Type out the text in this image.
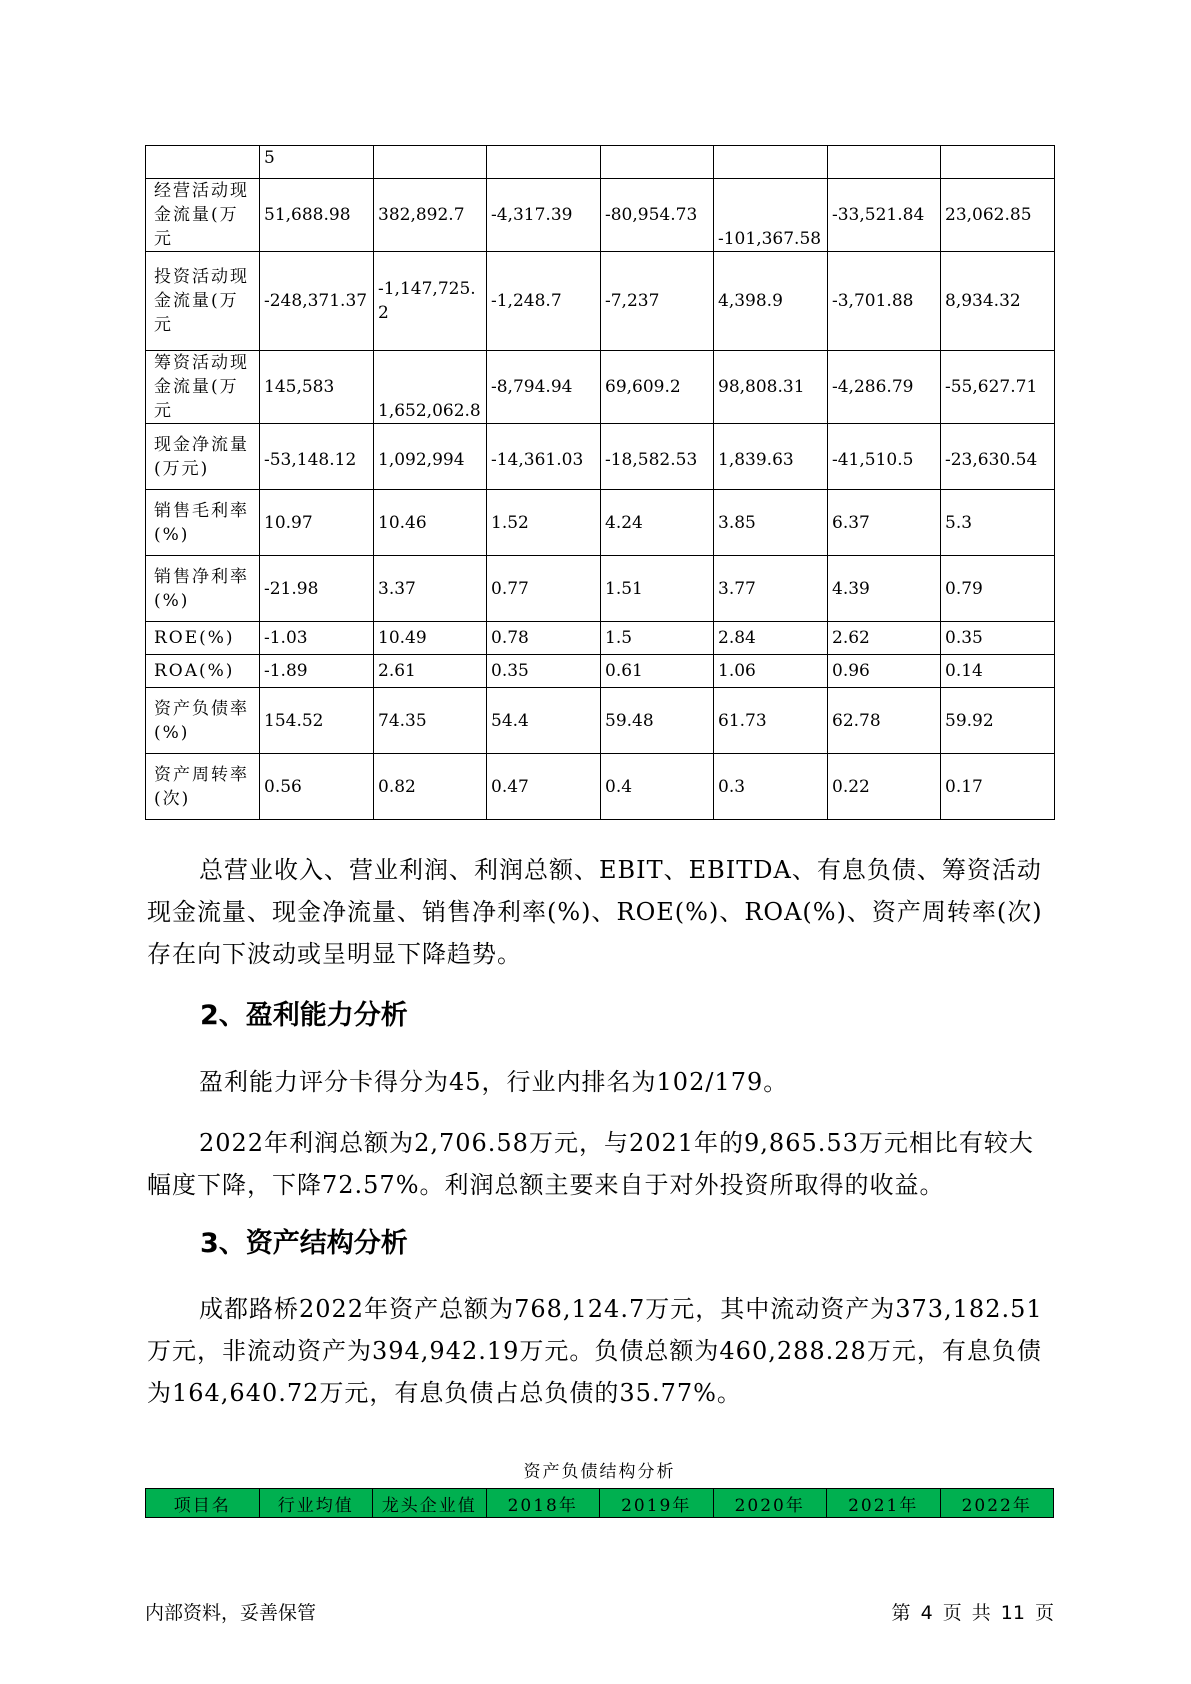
	5						
经营活动现金流量(万元	51,688.98	382,892.7	-4,317.39	-80,954.73	-101,367.58	-33,521.84	23,062.85
投资活动现金流量(万元	-248,371.37	-1,147,725.2	-1,248.7	-7,237	4,398.9	-3,701.88	8,934.32
筹资活动现金流量(万元	145,583	1,652,062.8	-8,794.94	69,609.2	98,808.31	-4,286.79	-55,627.71
现金净流量(万元)	-53,148.12	1,092,994	-14,361.03	-18,582.53	1,839.63	-41,510.5	-23,630.54
销售毛利率(%)	10.97	10.46	1.52	4.24	3.85	6.37	5.3
销售净利率(%)	-21.98	3.37	0.77	1.51	3.77	4.39	0.79
ROE(%)	-1.03	10.49	0.78	1.5	2.84	2.62	0.35
ROA(%)	-1.89	2.61	0.35	0.61	1.06	0.96	0.14
资产负债率(%)	154.52	74.35	54.4	59.48	61.73	62.78	59.92
资产周转率(次)	0.56	0.82	0.47	0.4	0.3	0.22	0.17

总营业收入、营业利润、利润总额、EBIT、EBITDA、有息负债、筹资活动现金流量、现金净流量、销售净利率(%)、ROE(%)、ROA(%)、资产周转率(次)存在向下波动或呈明显下降趋势。

2、盈利能力分析

盈利能力评分卡得分为45，行业内排名为102/179。

2022年利润总额为2,706.58万元，与2021年的9,865.53万元相比有较大幅度下降，下降72.57%。利润总额主要来自于对外投资所取得的收益。

3、资产结构分析

成都路桥2022年资产总额为768,124.7万元，其中流动资产为373,182.51万元，非流动资产为394,942.19万元。负债总额为460,288.28万元，有息负债为164,640.72万元，有息负债占总负债的35.77%。

资产负债结构分析
项目名	行业均值	龙头企业值	2018年	2019年	2020年	2021年	2022年
内部资料，妥善保管	第 4 页 共 11 页
